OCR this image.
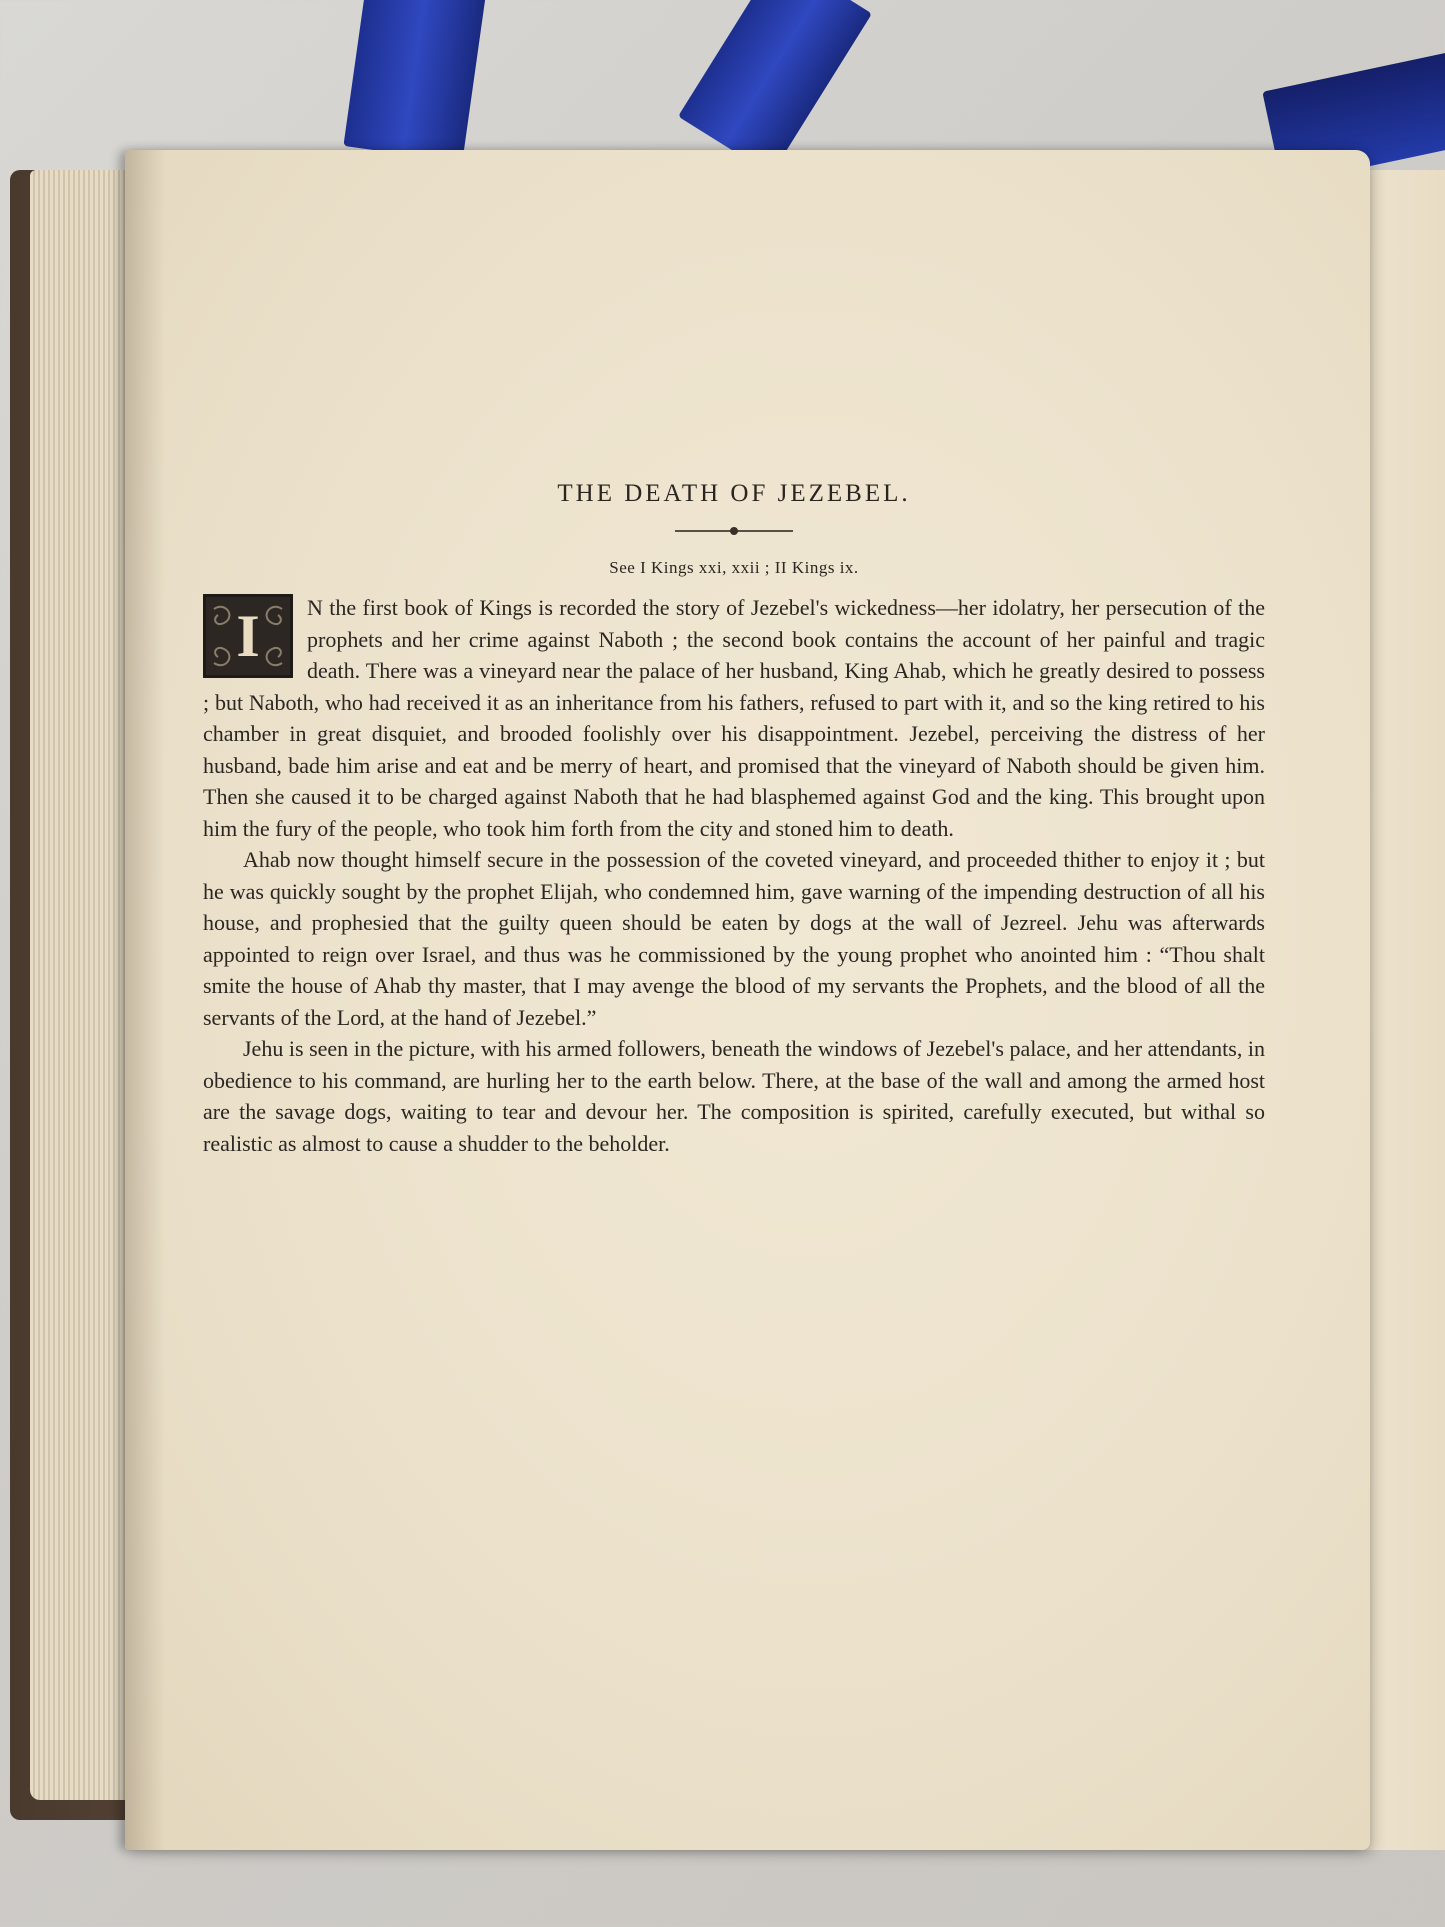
THE DEATH OF JEZEBEL.

See I Kings xxi, xxii ; II Kings ix.

I N the first book of Kings is recorded the story of Jezebel's wickedness—her idolatry, her persecution of the prophets and her crime against Naboth ; the second book contains the account of her painful and tragic death. There was a vineyard near the palace of her husband, King Ahab, which he greatly desired to possess ; but Naboth, who had received it as an inheritance from his fathers, refused to part with it, and so the king retired to his chamber in great disquiet, and brooded foolishly over his disappointment. Jezebel, perceiving the distress of her husband, bade him arise and eat and be merry of heart, and promised that the vineyard of Naboth should be given him. Then she caused it to be charged against Naboth that he had blasphemed against God and the king. This brought upon him the fury of the people, who took him forth from the city and stoned him to death.

Ahab now thought himself secure in the possession of the coveted vineyard, and proceeded thither to enjoy it ; but he was quickly sought by the prophet Elijah, who condemned him, gave warning of the impending destruction of all his house, and prophesied that the guilty queen should be eaten by dogs at the wall of Jezreel. Jehu was afterwards appointed to reign over Israel, and thus was he commissioned by the young prophet who anointed him : “Thou shalt smite the house of Ahab thy master, that I may avenge the blood of my servants the Prophets, and the blood of all the servants of the Lord, at the hand of Jezebel.”

Jehu is seen in the picture, with his armed followers, beneath the windows of Jezebel's palace, and her attendants, in obedience to his command, are hurling her to the earth below. There, at the base of the wall and among the armed host are the savage dogs, waiting to tear and devour her. The composition is spirited, carefully executed, but withal so realistic as almost to cause a shudder to the beholder.
